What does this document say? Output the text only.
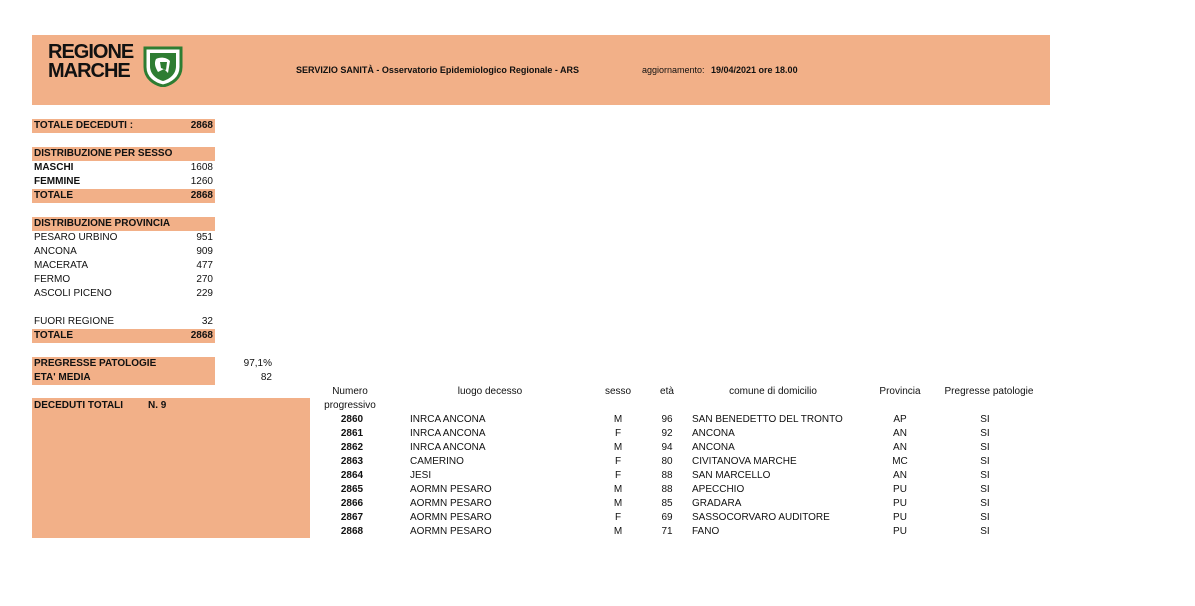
REGIONE
MARCHE	SERVIZIO SANITÀ - Osservatorio Epidemiologico Regionale - ARS	aggiornamento: 19/04/2021 ore 18.00
TOTALE DECEDUTI :	2868
DISTRIBUZIONE PER SESSO
MASCHI	1608
FEMMINE	1260
TOTALE	2868
DISTRIBUZIONE PROVINCIA
PESARO URBINO	951
ANCONA	909
MACERATA	477
FERMO	270
ASCOLI PICENO	229
FUORI REGIONE	32
TOTALE	2868
PREGRESSE PATOLOGIE	97,1%
ETA' MEDIA	82
DECEDUTI TOTALI N. 9
Numero
progressivo
luogo decesso	sesso	età	comune di domicilio	Provincia	Pregresse patologie
2860	INRCA ANCONA	M	96	SAN BENEDETTO DEL TRONTO	AP	SI
2861	INRCA ANCONA	F	92	ANCONA	AN	SI
2862	INRCA ANCONA	M	94	ANCONA	AN	SI
2863	CAMERINO	F	80	CIVITANOVA MARCHE	MC	SI
2864	JESI	F	88	SAN MARCELLO	AN	SI
2865	AORMN PESARO	M	88	APECCHIO	PU	SI
2866	AORMN PESARO	M	85	GRADARA	PU	SI
2867	AORMN PESARO	F	69	SASSOCORVARO AUDITORE	PU	SI
2868	AORMN PESARO	M	71	FANO	PU	SI
